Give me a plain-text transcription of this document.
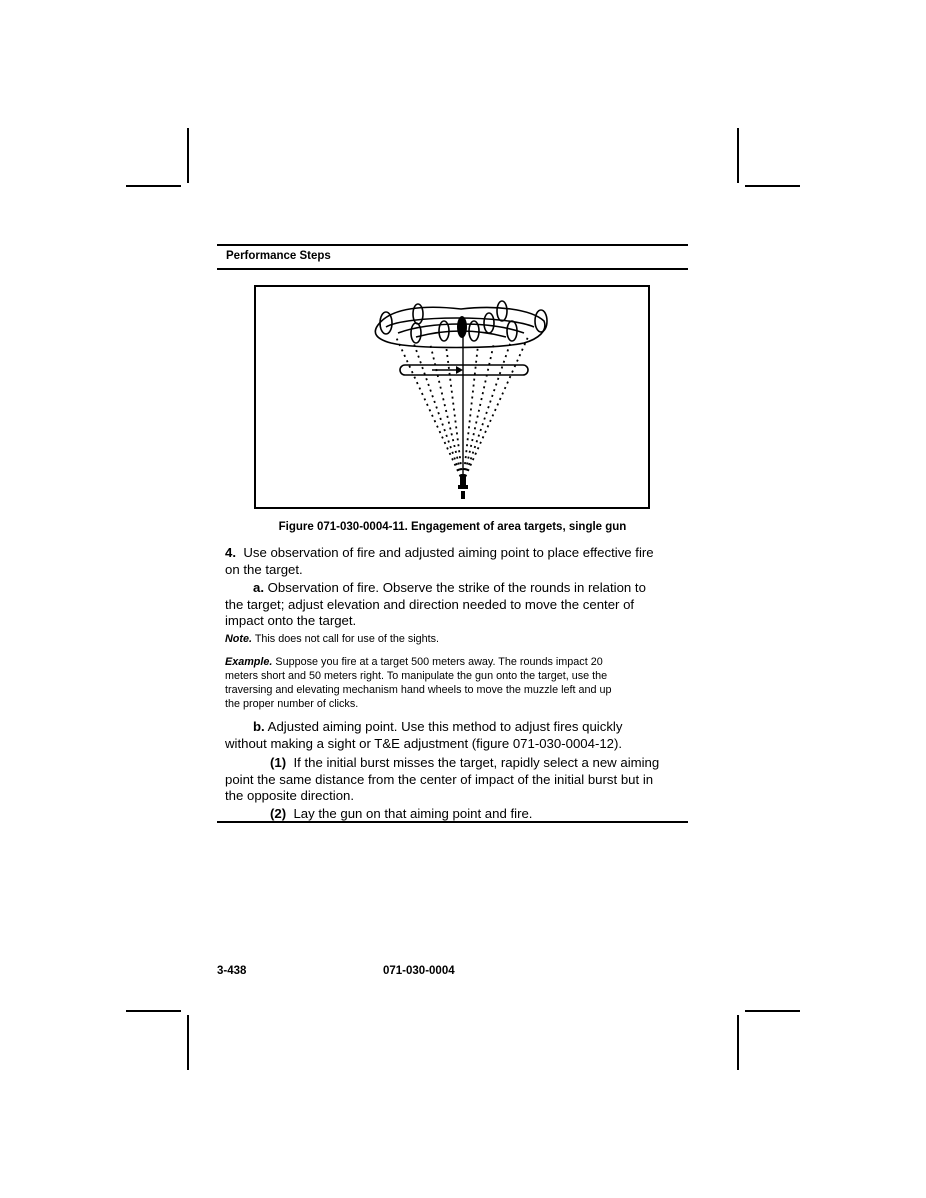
Performance Steps
Figure 071-030-0004-11. Engagement of area targets, single gun
4. Use observation of fire and adjusted aiming point to place effective fire
on the target.
a. Observation of fire. Observe the strike of the rounds in relation to
the target; adjust elevation and direction needed to move the center of
impact onto the target.
Note. This does not call for use of the sights.
Example. Suppose you fire at a target 500 meters away. The rounds impact 20
meters short and 50 meters right. To manipulate the gun onto the target, use the
traversing and elevating mechanism hand wheels to move the muzzle left and up
the proper number of clicks.
b. Adjusted aiming point. Use this method to adjust fires quickly
without making a sight or T&E adjustment (figure 071-030-0004-12).
(1) If the initial burst misses the target, rapidly select a new aiming
point the same distance from the center of impact of the initial burst but in
the opposite direction.
(2) Lay the gun on that aiming point and fire.
3-438	071-030-0004
